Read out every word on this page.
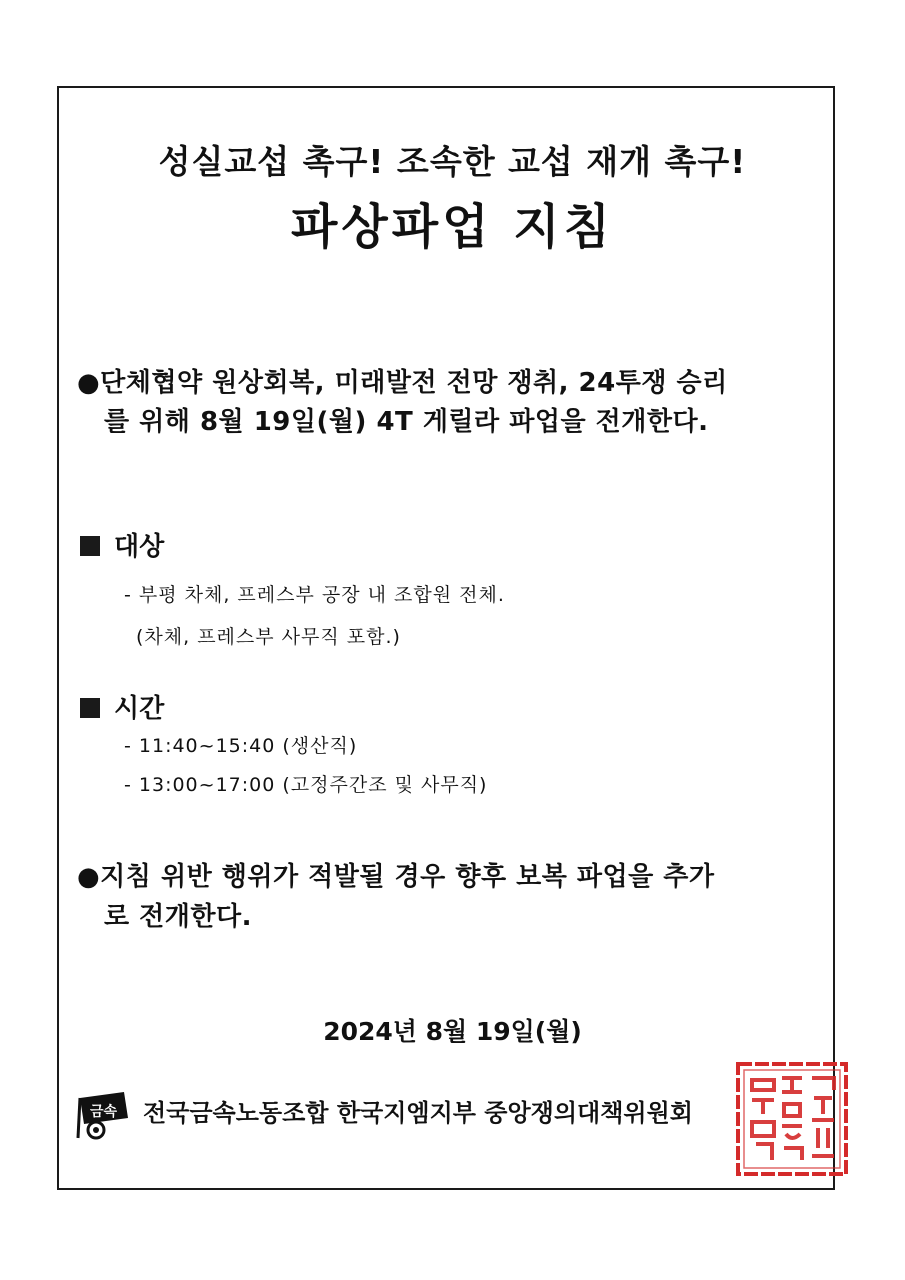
성실교섭 촉구! 조속한 교섭 재개 촉구!
파상파업 지침
●단체협약 원상회복, 미래발전 전망 쟁취, 24투쟁 승리
를 위해 8월 19일(월) 4T 게릴라 파업을 전개한다.
대상
- 부평 차체, 프레스부 공장 내 조합원 전체.
(차체, 프레스부 사무직 포함.)
시간
- 11:40~15:40 (생산직)
- 13:00~17:00 (고정주간조 및 사무직)
●지침 위반 행위가 적발될 경우 향후 보복 파업을 추가
로 전개한다.
2024년 8월 19일(월)
금속 전국금속노동조합 한국지엠지부 중앙쟁의대책위원회
